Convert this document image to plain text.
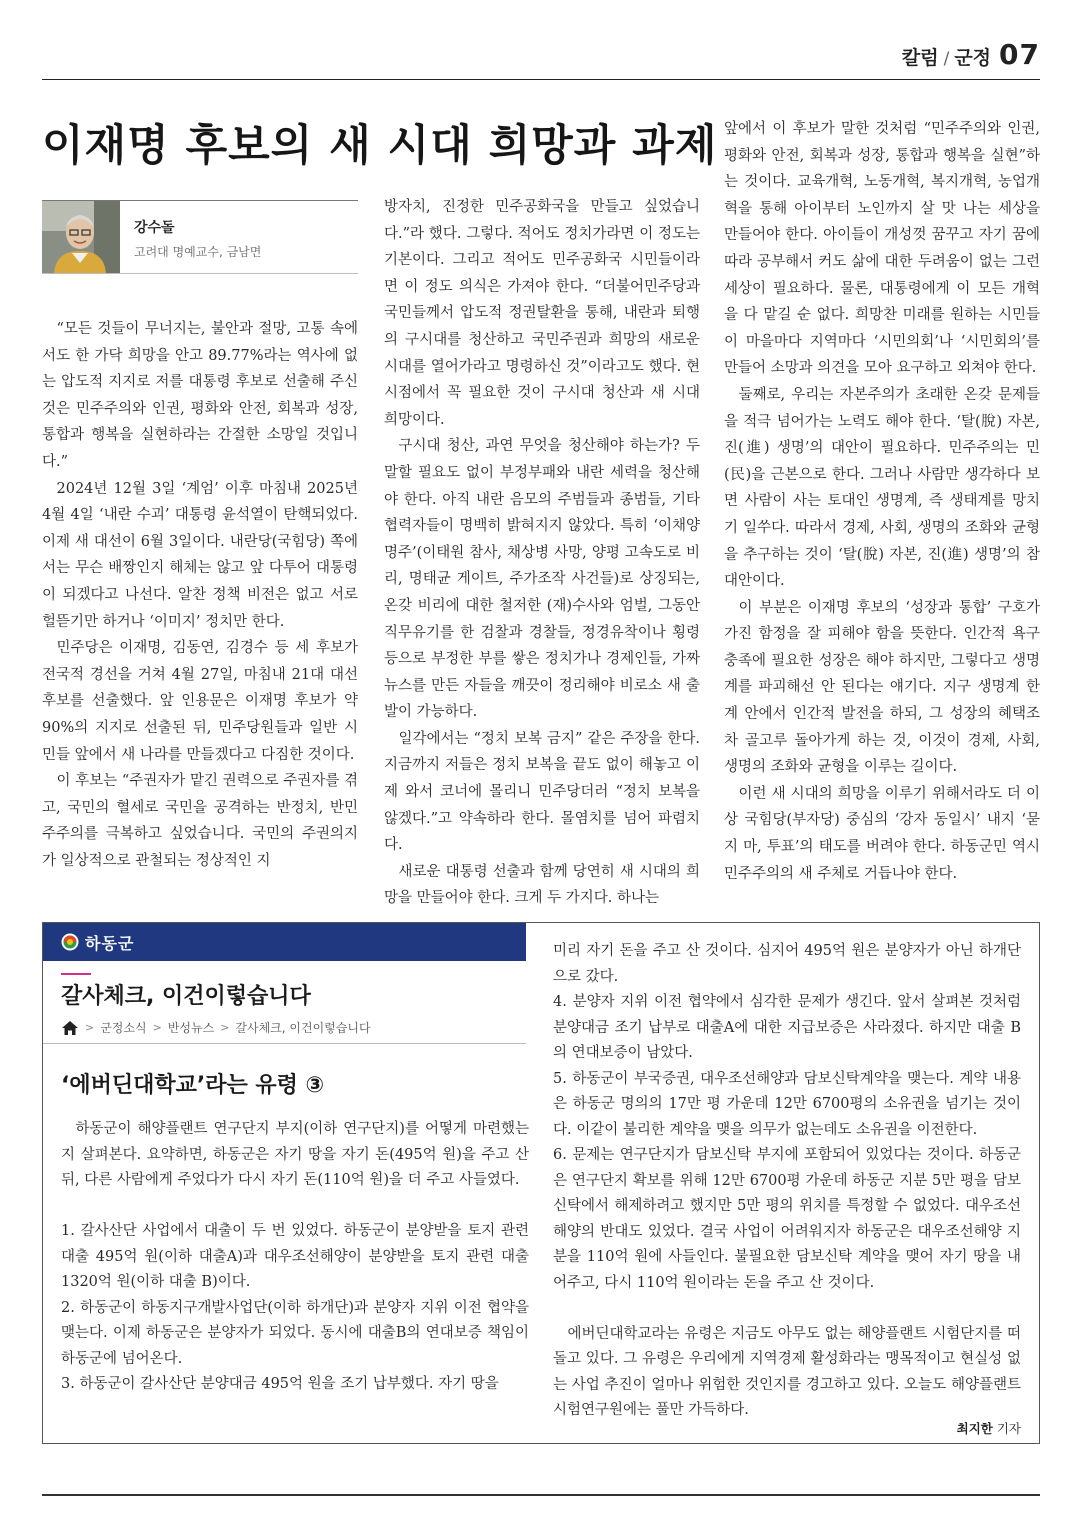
칼럼 / 군정 07
이재명 후보의 새 시대 희망과 과제
강수돌
고려대 명예교수, 금남면

“모든 것들이 무너지는, 불안과 절망, 고통 속에서도 한 가닥 희망을 안고 89.77%라는 역사에 없는 압도적 지지로 저를 대통령 후보로 선출해 주신 것은 민주주의와 인권, 평화와 안전, 회복과 성장, 통합과 행복을 실현하라는 간절한 소망일 것입니다.”

2024년 12월 3일 ‘계엄’ 이후 마침내 2025년 4월 4일 ‘내란 수괴’ 대통령 윤석열이 탄핵되었다. 이제 새 대선이 6월 3일이다. 내란당(국힘당) 쪽에서는 무슨 배짱인지 해체는 않고 앞 다투어 대통령이 되겠다고 나선다. 알찬 정책 비전은 없고 서로 헐뜯기만 하거나 ‘이미지’ 정치만 한다.

민주당은 이재명, 김동연, 김경수 등 세 후보가 전국적 경선을 거쳐 4월 27일, 마침내 21대 대선 후보를 선출했다. 앞 인용문은 이재명 후보가 약 90%의 지지로 선출된 뒤, 민주당원들과 일반 시민들 앞에서 새 나라를 만들겠다고 다짐한 것이다.

이 후보는 “주권자가 맡긴 권력으로 주권자를 겪고, 국민의 혈세로 국민을 공격하는 반정치, 반민주주의를 극복하고 싶었습니다. 국민의 주권의지가 일상적으로 관철되는 정상적인 지

방자치, 진정한 민주공화국을 만들고 싶었습니다.”라 했다. 그렇다. 적어도 정치가라면 이 정도는 기본이다. 그리고 적어도 민주공화국 시민들이라면 이 정도 의식은 가져야 한다. “더불어민주당과 국민들께서 압도적 정권탈환을 통해, 내란과 퇴행의 구시대를 청산하고 국민주권과 희망의 새로운 시대를 열어가라고 명령하신 것”이라고도 했다. 현 시점에서 꼭 필요한 것이 구시대 청산과 새 시대 희망이다.

구시대 청산, 과연 무엇을 청산해야 하는가? 두말할 필요도 없이 부정부패와 내란 세력을 청산해야 한다. 아직 내란 음모의 주범들과 종범들, 기타 협력자들이 명백히 밝혀지지 않았다. 특히 ‘이채양명주’(이태원 참사, 채상병 사망, 양평 고속도로 비리, 명태균 게이트, 주가조작 사건들)로 상징되는, 온갖 비리에 대한 철저한 (재)수사와 엄벌, 그동안 직무유기를 한 검찰과 경찰들, 정경유착이나 횡령 등으로 부정한 부를 쌓은 정치가나 경제인들, 가짜뉴스를 만든 자들을 깨끗이 정리해야 비로소 새 출발이 가능하다.

일각에서는 “정치 보복 금지” 같은 주장을 한다. 지금까지 저들은 정치 보복을 끝도 없이 해놓고 이제 와서 코너에 몰리니 민주당더러 “정치 보복을 않겠다.”고 약속하라 한다. 몰염치를 넘어 파렴치다.

새로운 대통령 선출과 함께 당연히 새 시대의 희망을 만들어야 한다. 크게 두 가지다. 하나는

앞에서 이 후보가 말한 것처럼 “민주주의와 인권, 평화와 안전, 회복과 성장, 통합과 행복을 실현”하는 것이다. 교육개혁, 노동개혁, 복지개혁, 농업개혁을 통해 아이부터 노인까지 살 맛 나는 세상을 만들어야 한다. 아이들이 개성껏 꿈꾸고 자기 꿈에 따라 공부해서 커도 삶에 대한 두려움이 없는 그런 세상이 필요하다. 물론, 대통령에게 이 모든 개혁을 다 맡길 순 없다. 희망찬 미래를 원하는 시민들이 마을마다 지역마다 ‘시민의회’나 ‘시민회의’를 만들어 소망과 의견을 모아 요구하고 외쳐야 한다.

둘째로, 우리는 자본주의가 초래한 온갖 문제들을 적극 넘어가는 노력도 해야 한다. ‘탈(脫) 자본, 진(進) 생명’의 대안이 필요하다. 민주주의는 민(民)을 근본으로 한다. 그러나 사람만 생각하다 보면 사람이 사는 토대인 생명계, 즉 생태계를 망치기 일쑤다. 따라서 경제, 사회, 생명의 조화와 균형을 추구하는 것이 ‘탈(脫) 자본, 진(進) 생명’의 참 대안이다.

이 부분은 이재명 후보의 ‘성장과 통합’ 구호가 가진 함정을 잘 피해야 함을 뜻한다. 인간적 욕구 충족에 필요한 성장은 해야 하지만, 그렇다고 생명계를 파괴해선 안 된다는 얘기다. 지구 생명계 한계 안에서 인간적 발전을 하되, 그 성장의 혜택조차 골고루 돌아가게 하는 것, 이것이 경제, 사회, 생명의 조화와 균형을 이루는 길이다.

이런 새 시대의 희망을 이루기 위해서라도 더 이상 국힘당(부자당) 중심의 ‘강자 동일시’ 내지 ‘묻지 마, 투표’의 태도를 버려야 한다. 하동군민 역시 민주주의의 새 주체로 거듭나야 한다.

하동군
갈사체크, 이건이렇습니다
> 군정소식 > 반성뉴스 > 갈사체크, 이건이렇습니다
‘에버딘대학교’라는 유령 ③

하동군이 해양플랜트 연구단지 부지(이하 연구단지)를 어떻게 마련했는지 살펴본다. 요약하면, 하동군은 자기 땅을 자기 돈(495억 원)을 주고 산 뒤, 다른 사람에게 주었다가 다시 자기 돈(110억 원)을 더 주고 사들였다.

1. 갈사산단 사업에서 대출이 두 번 있었다. 하동군이 분양받을 토지 관련 대출 495억 원(이하 대출A)과 대우조선해양이 분양받을 토지 관련 대출 1320억 원(이하 대출 B)이다.

2. 하동군이 하동지구개발사업단(이하 하개단)과 분양자 지위 이전 협약을 맺는다. 이제 하동군은 분양자가 되었다. 동시에 대출B의 연대보증 책임이 하동군에 넘어온다.

3. 하동군이 갈사산단 분양대금 495억 원을 조기 납부했다. 자기 땅을

미리 자기 돈을 주고 산 것이다. 심지어 495억 원은 분양자가 아닌 하개단으로 갔다.

4. 분양자 지위 이전 협약에서 심각한 문제가 생긴다. 앞서 살펴본 것처럼 분양대금 조기 납부로 대출A에 대한 지급보증은 사라졌다. 하지만 대출 B의 연대보증이 남았다.

5. 하동군이 부국증권, 대우조선해양과 담보신탁계약을 맺는다. 계약 내용은 하동군 명의의 17만 평 가운데 12만 6700평의 소유권을 넘기는 것이다. 이같이 불리한 계약을 맺을 의무가 없는데도 소유권을 이전한다.

6. 문제는 연구단지가 담보신탁 부지에 포함되어 있었다는 것이다. 하동군은 연구단지 확보를 위해 12만 6700평 가운데 하동군 지분 5만 평을 담보신탁에서 해제하려고 했지만 5만 평의 위치를 특정할 수 없었다. 대우조선해양의 반대도 있었다. 결국 사업이 어려워지자 하동군은 대우조선해양 지분을 110억 원에 사들인다. 불필요한 담보신탁 계약을 맺어 자기 땅을 내어주고, 다시 110억 원이라는 돈을 주고 산 것이다.

에버딘대학교라는 유령은 지금도 아무도 없는 해양플랜트 시험단지를 떠돌고 있다. 그 유령은 우리에게 지역경제 활성화라는 맹목적이고 현실성 없는 사업 추진이 얼마나 위험한 것인지를 경고하고 있다. 오늘도 해양플랜트 시험연구원에는 풀만 가득하다.

최지한 기자
